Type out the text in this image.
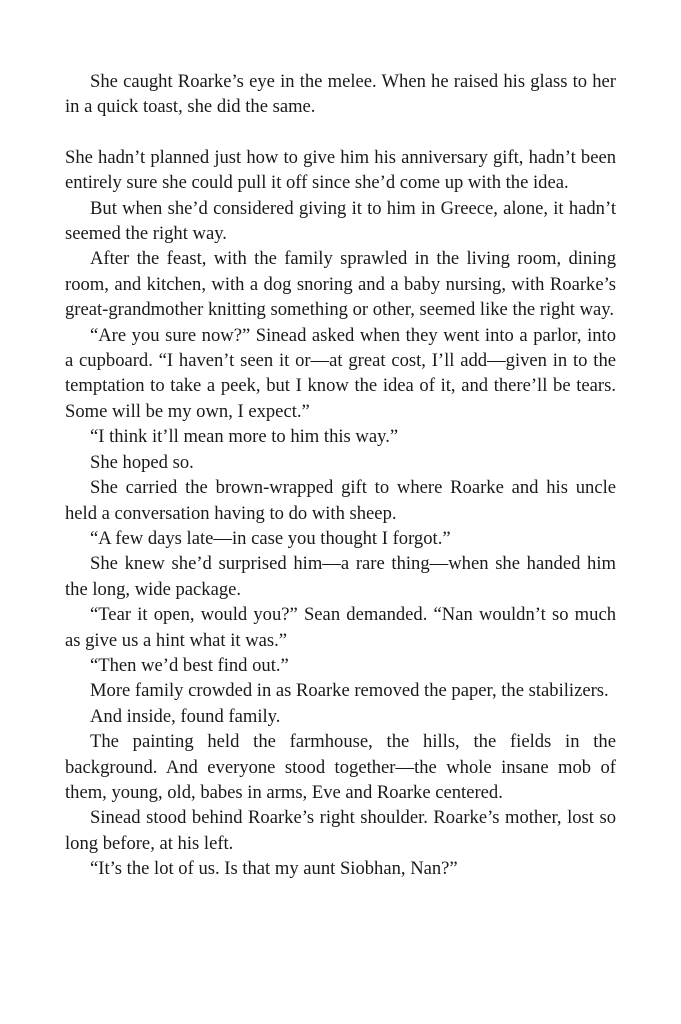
She caught Roarke’s eye in the melee. When he raised his glass to her in a quick toast, she did the same.

She hadn’t planned just how to give him his anniversary gift, hadn’t been entirely sure she could pull it off since she’d come up with the idea.

But when she’d considered giving it to him in Greece, alone, it hadn’t seemed the right way.

After the feast, with the family sprawled in the living room, dining room, and kitchen, with a dog snoring and a baby nursing, with Roarke’s great-grandmother knitting something or other, seemed like the right way.

“Are you sure now?” Sinead asked when they went into a parlor, into a cupboard. “I haven’t seen it or—at great cost, I’ll add—given in to the temptation to take a peek, but I know the idea of it, and there’ll be tears. Some will be my own, I expect.”

“I think it’ll mean more to him this way.”

She hoped so.

She carried the brown-wrapped gift to where Roarke and his uncle held a conversation having to do with sheep.

“A few days late—in case you thought I forgot.”

She knew she’d surprised him—a rare thing—when she handed him the long, wide package.

“Tear it open, would you?” Sean demanded. “Nan wouldn’t so much as give us a hint what it was.”

“Then we’d best find out.”

More family crowded in as Roarke removed the paper, the stabilizers.

And inside, found family.

The painting held the farmhouse, the hills, the fields in the background. And everyone stood together—the whole insane mob of them, young, old, babes in arms, Eve and Roarke centered.

Sinead stood behind Roarke’s right shoulder. Roarke’s mother, lost so long before, at his left.

“It’s the lot of us. Is that my aunt Siobhan, Nan?”
